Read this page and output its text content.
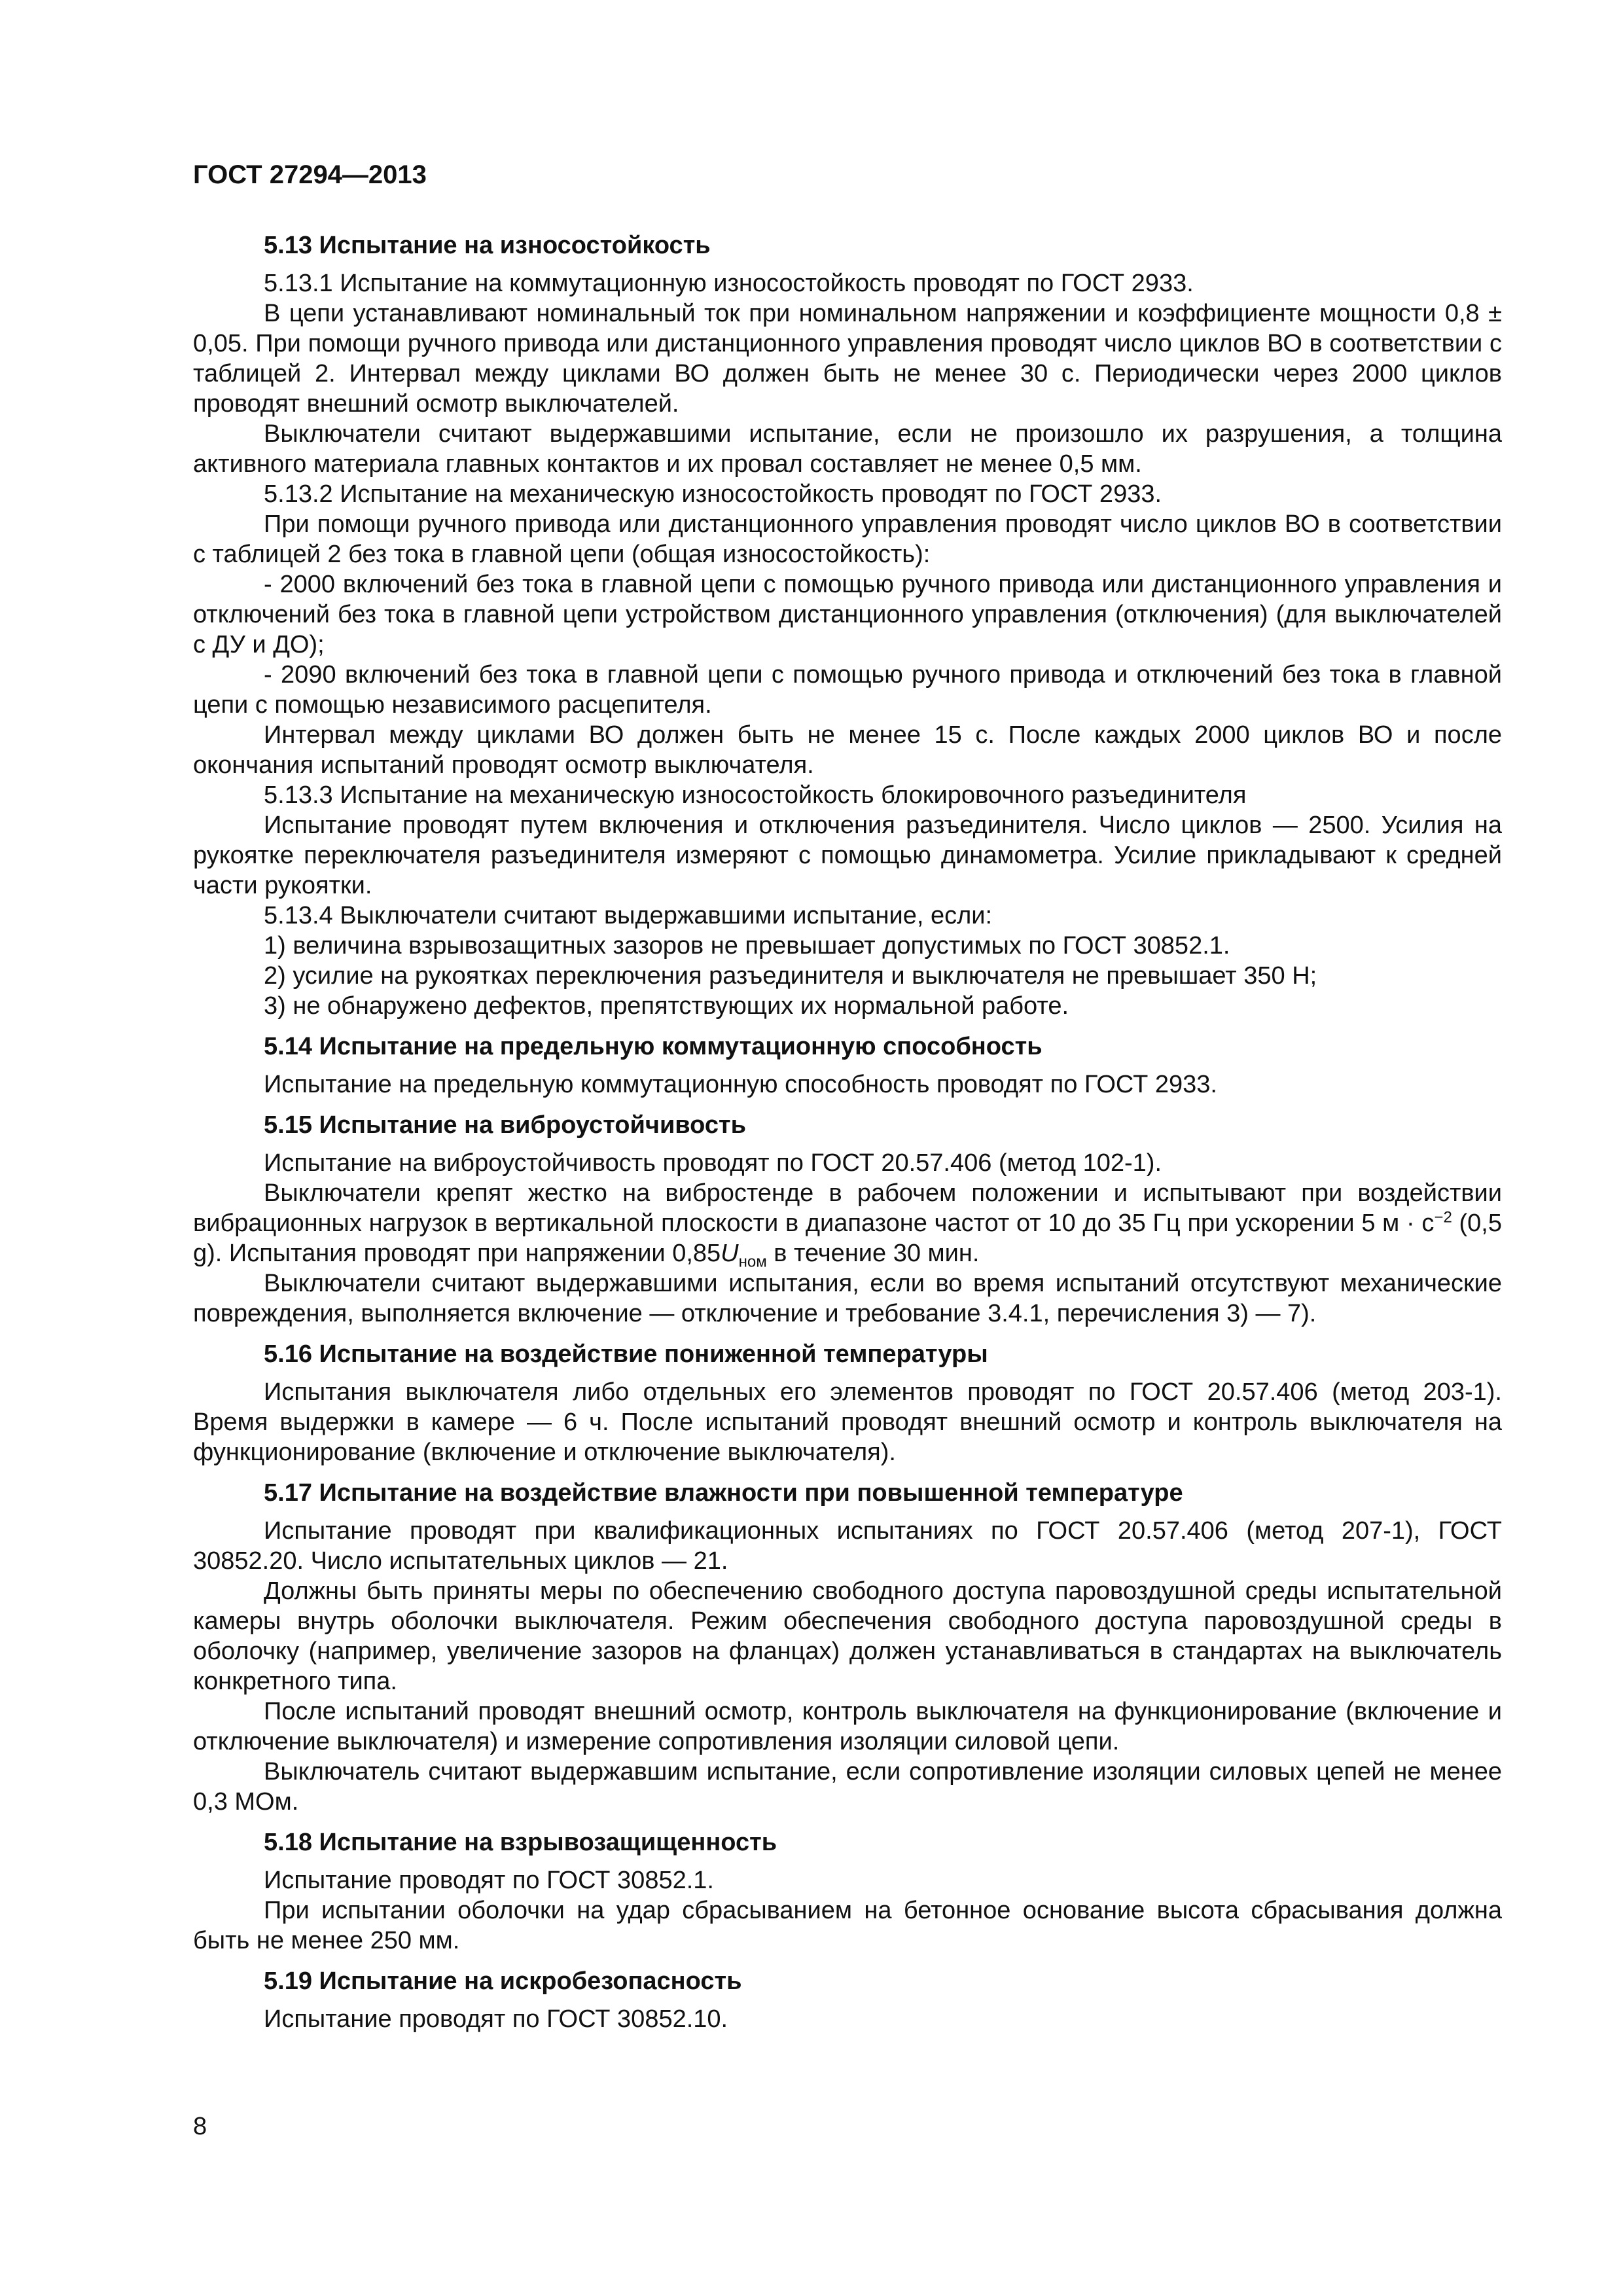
ГОСТ 27294—2013
5.13 Испытание на износостойкость

5.13.1 Испытание на коммутационную износостойкость проводят по ГОСТ 2933.

В цепи устанавливают номинальный ток при номинальном напряжении и коэффициенте мощности 0,8 ± 0,05. При помощи ручного привода или дистанционного управления проводят число циклов ВО в соответствии с таблицей 2. Интервал между циклами ВО должен быть не менее 30 с. Периодически через 2000 циклов проводят внешний осмотр выключателей.

Выключатели считают выдержавшими испытание, если не произошло их разрушения, а толщина активного материала главных контактов и их провал составляет не менее 0,5 мм.

5.13.2 Испытание на механическую износостойкость проводят по ГОСТ 2933.

При помощи ручного привода или дистанционного управления проводят число циклов ВО в соответствии с таблицей 2 без тока в главной цепи (общая износостойкость):

- 2000 включений без тока в главной цепи с помощью ручного привода или дистанционного управления и отключений без тока в главной цепи устройством дистанционного управления (отключения) (для выключателей с ДУ и ДО);

- 2090 включений без тока в главной цепи с помощью ручного привода и отключений без тока в главной цепи с помощью независимого расцепителя.

Интервал между циклами ВО должен быть не менее 15 с. После каждых 2000 циклов ВО и после окончания испытаний проводят осмотр выключателя.

5.13.3 Испытание на механическую износостойкость блокировочного разъединителя

Испытание проводят путем включения и отключения разъединителя. Число циклов — 2500. Усилия на рукоятке переключателя разъединителя измеряют с помощью динамометра. Усилие прикладывают к средней части рукоятки.

5.13.4 Выключатели считают выдержавшими испытание, если:

1) величина взрывозащитных зазоров не превышает допустимых по ГОСТ 30852.1.

2) усилие на рукоятках переключения разъединителя и выключателя не превышает 350 Н;

3) не обнаружено дефектов, препятствующих их нормальной работе.

5.14 Испытание на предельную коммутационную способность

Испытание на предельную коммутационную способность проводят по ГОСТ 2933.

5.15 Испытание на виброустойчивость

Испытание на виброустойчивость проводят по ГОСТ 20.57.406 (метод 102-1).

Выключатели крепят жестко на вибростенде в рабочем положении и испытывают при воздействии вибрационных нагрузок в вертикальной плоскости в диапазоне частот от 10 до 35 Гц при ускорении 5 $м \cdot с^{-2}$ (0,5 g). Испытания проводят при напряжении $0,85U_{ном}$ в течение 30 мин.

Выключатели считают выдержавшими испытания, если во время испытаний отсутствуют механические повреждения, выполняется включение — отключение и требование 3.4.1, перечисления 3) — 7).

5.16 Испытание на воздействие пониженной температуры

Испытания выключателя либо отдельных его элементов проводят по ГОСТ 20.57.406 (метод 203-1). Время выдержки в камере — 6 ч. После испытаний проводят внешний осмотр и контроль выключателя на функционирование (включение и отключение выключателя).

5.17 Испытание на воздействие влажности при повышенной температуре

Испытание проводят при квалификационных испытаниях по ГОСТ 20.57.406 (метод 207-1), ГОСТ 30852.20. Число испытательных циклов — 21.

Должны быть приняты меры по обеспечению свободного доступа паровоздушной среды испытательной камеры внутрь оболочки выключателя. Режим обеспечения свободного доступа паровоздушной среды в оболочку (например, увеличение зазоров на фланцах) должен устанавливаться в стандартах на выключатель конкретного типа.

После испытаний проводят внешний осмотр, контроль выключателя на функционирование (включение и отключение выключателя) и измерение сопротивления изоляции силовой цепи.

Выключатель считают выдержавшим испытание, если сопротивление изоляции силовых цепей не менее 0,3 МОм.

5.18 Испытание на взрывозащищенность

Испытание проводят по ГОСТ 30852.1.

При испытании оболочки на удар сбрасыванием на бетонное основание высота сбрасывания должна быть не менее 250 мм.

5.19 Испытание на искробезопасность

Испытание проводят по ГОСТ 30852.10.

8
